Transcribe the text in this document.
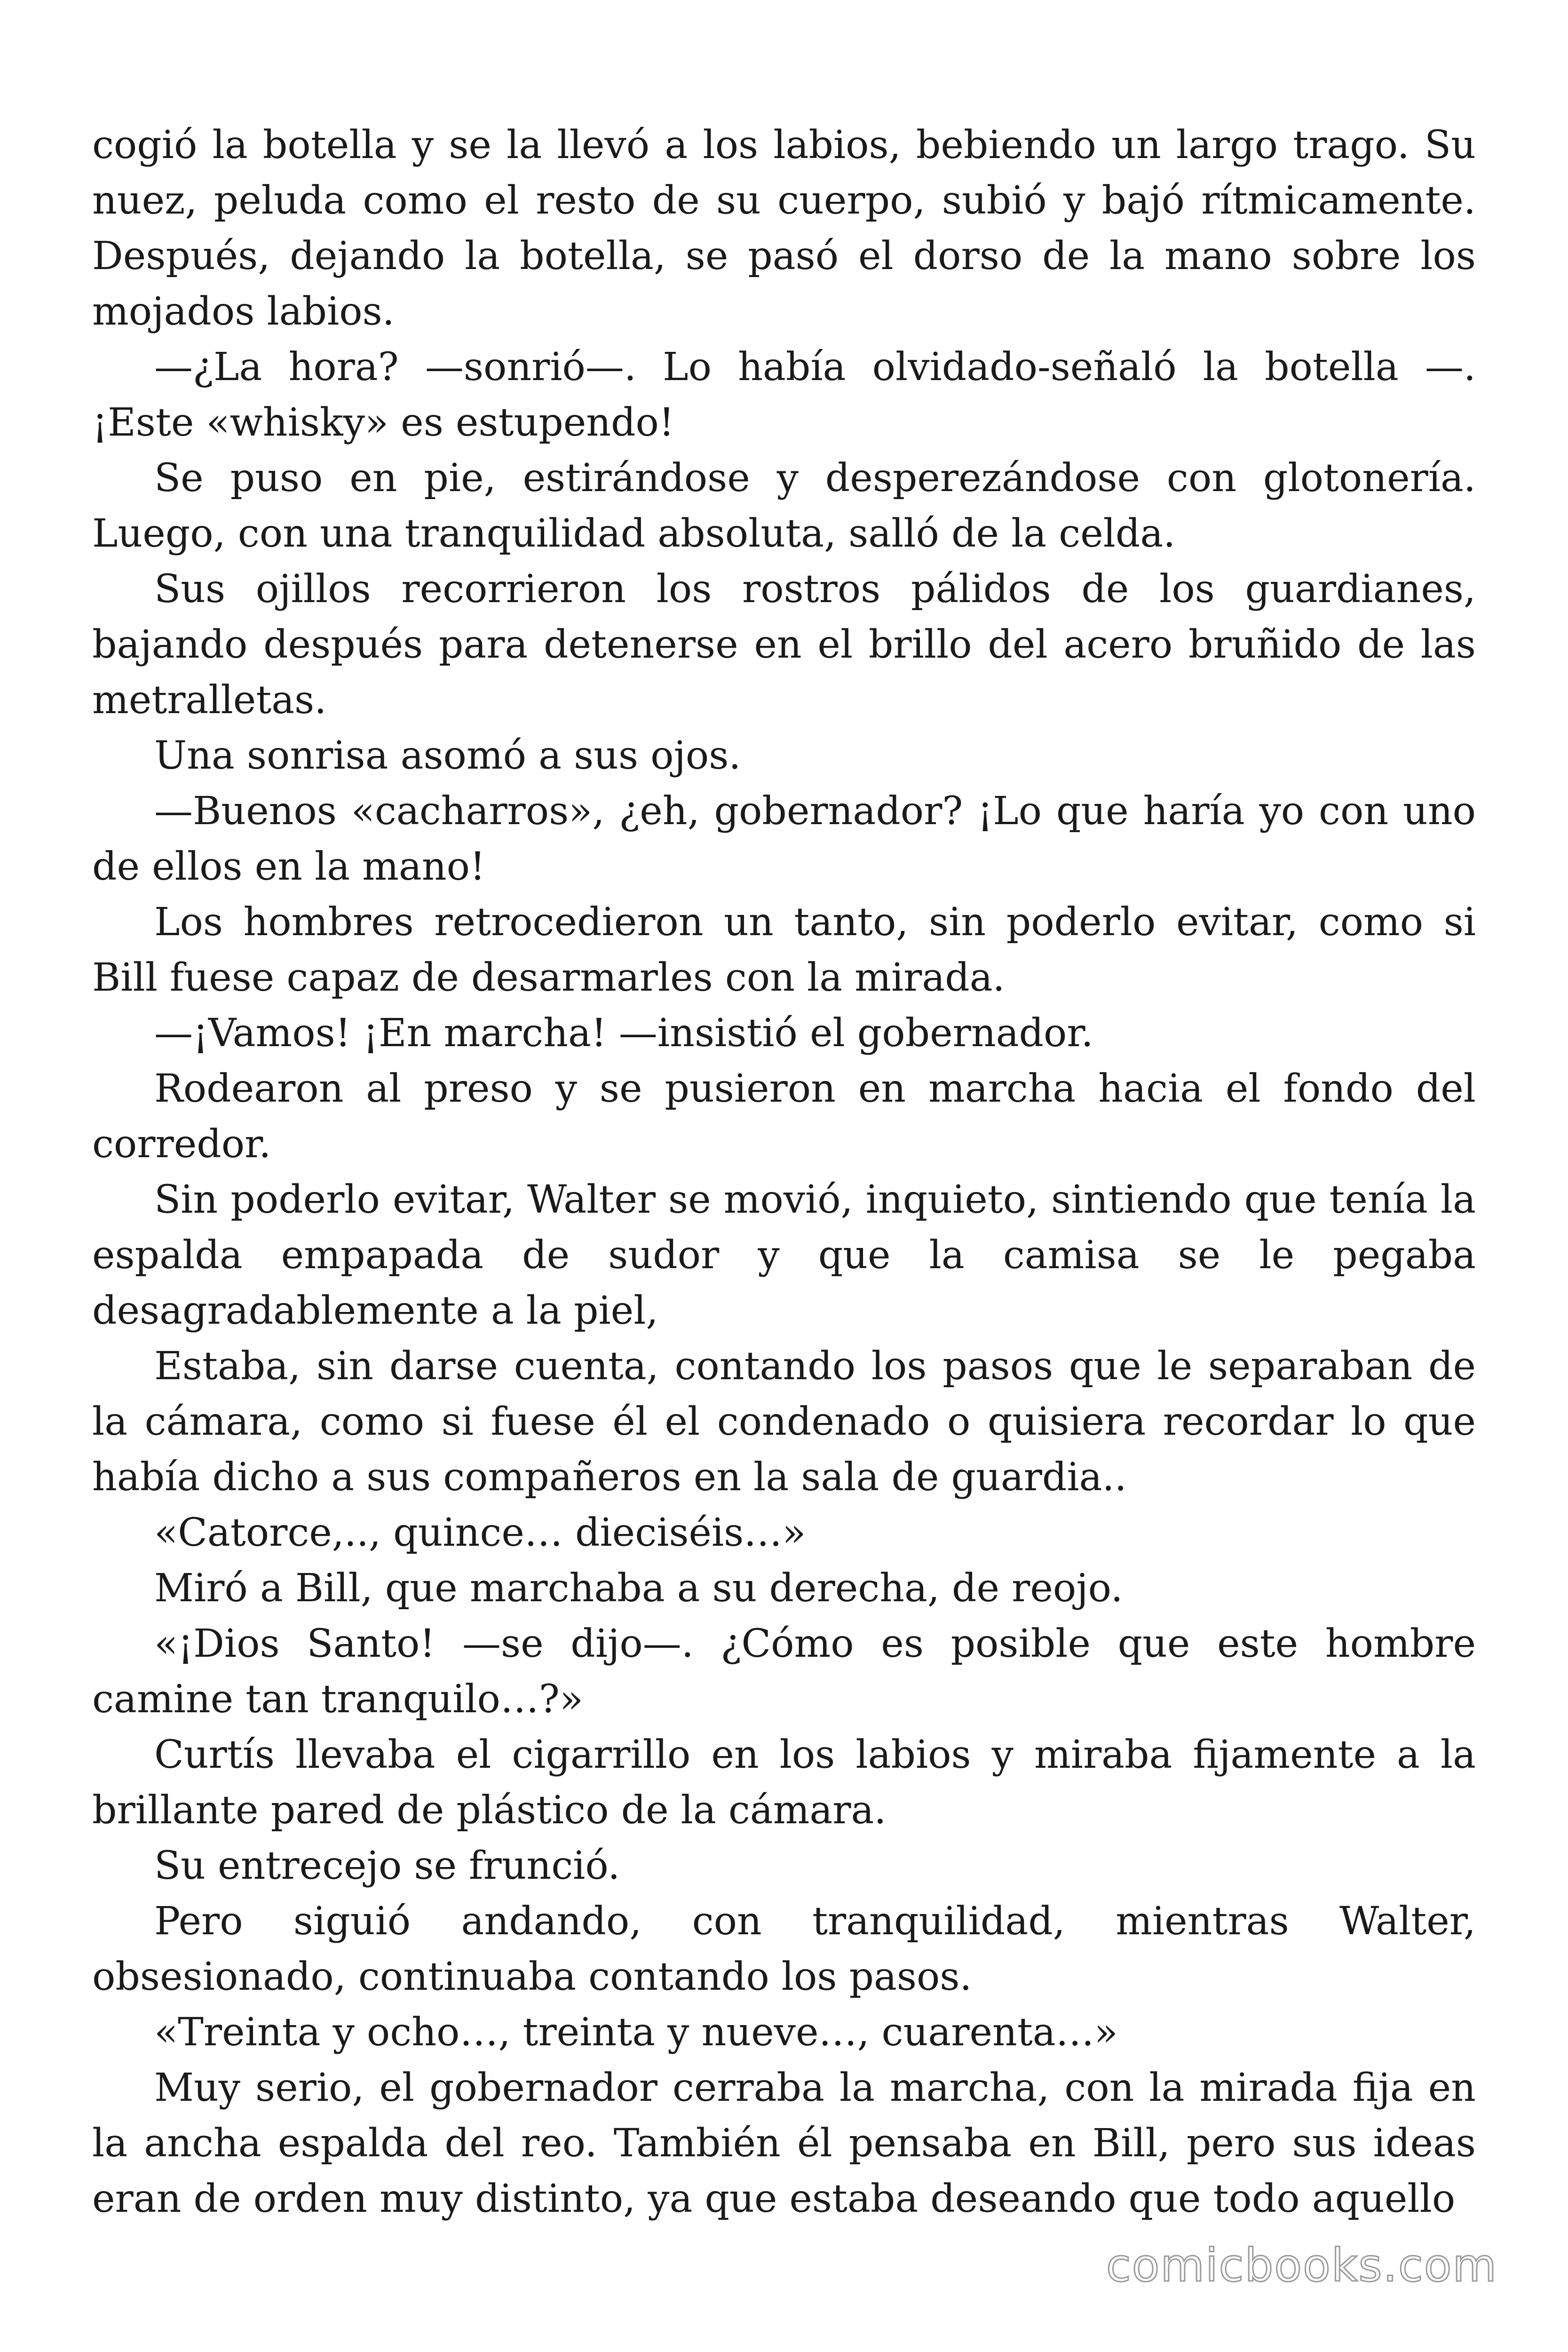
cogió la botella y se la llevó a los labios, bebiendo un largo trago. Su nuez, peluda como el resto de su cuerpo, subió y bajó rítmicamente. Después, dejando la botella, se pasó el dorso de la mano sobre los mojados labios.

—¿La hora? —sonrió—. Lo había olvidado-señaló la botella —. ¡Este «whisky» es estupendo!

Se puso en pie, estirándose y desperezándose con glotonería. Luego, con una tranquilidad absoluta, salló de la celda.

Sus ojillos recorrieron los rostros pálidos de los guardianes, bajando después para detenerse en el brillo del acero bruñido de las metralletas.

Una sonrisa asomó a sus ojos.

—Buenos «cacharros», ¿eh, gobernador? ¡Lo que haría yo con uno de ellos en la mano!

Los hombres retrocedieron un tanto, sin poderlo evitar, como si Bill fuese capaz de desarmarles con la mirada.

—¡Vamos! ¡En marcha! —insistió el gobernador.

Rodearon al preso y se pusieron en marcha hacia el fondo del corredor.

Sin poderlo evitar, Walter se movió, inquieto, sintiendo que tenía la espalda empapada de sudor y que la camisa se le pegaba desagradablemente a la piel,

Estaba, sin darse cuenta, contando los pasos que le separaban de la cámara, como si fuese él el condenado o quisiera recordar lo que había dicho a sus compañeros en la sala de guardia..

«Catorce,.., quince… dieciséis…»

Miró a Bill, que marchaba a su derecha, de reojo.

«¡Dios Santo! —se dijo—. ¿Cómo es posible que este hombre camine tan tranquilo…?»

Curtís llevaba el cigarrillo en los labios y miraba fijamente a la brillante pared de plástico de la cámara.

Su entrecejo se frunció.

Pero siguió andando, con tranquilidad, mientras Walter, obsesionado, continuaba contando los pasos.

«Treinta y ocho…, treinta y nueve…, cuarenta…»

Muy serio, el gobernador cerraba la marcha, con la mirada fija en la ancha espalda del reo. También él pensaba en Bill, pero sus ideas eran de orden muy distinto, ya que estaba deseando que todo aquello

comicbooks.com
